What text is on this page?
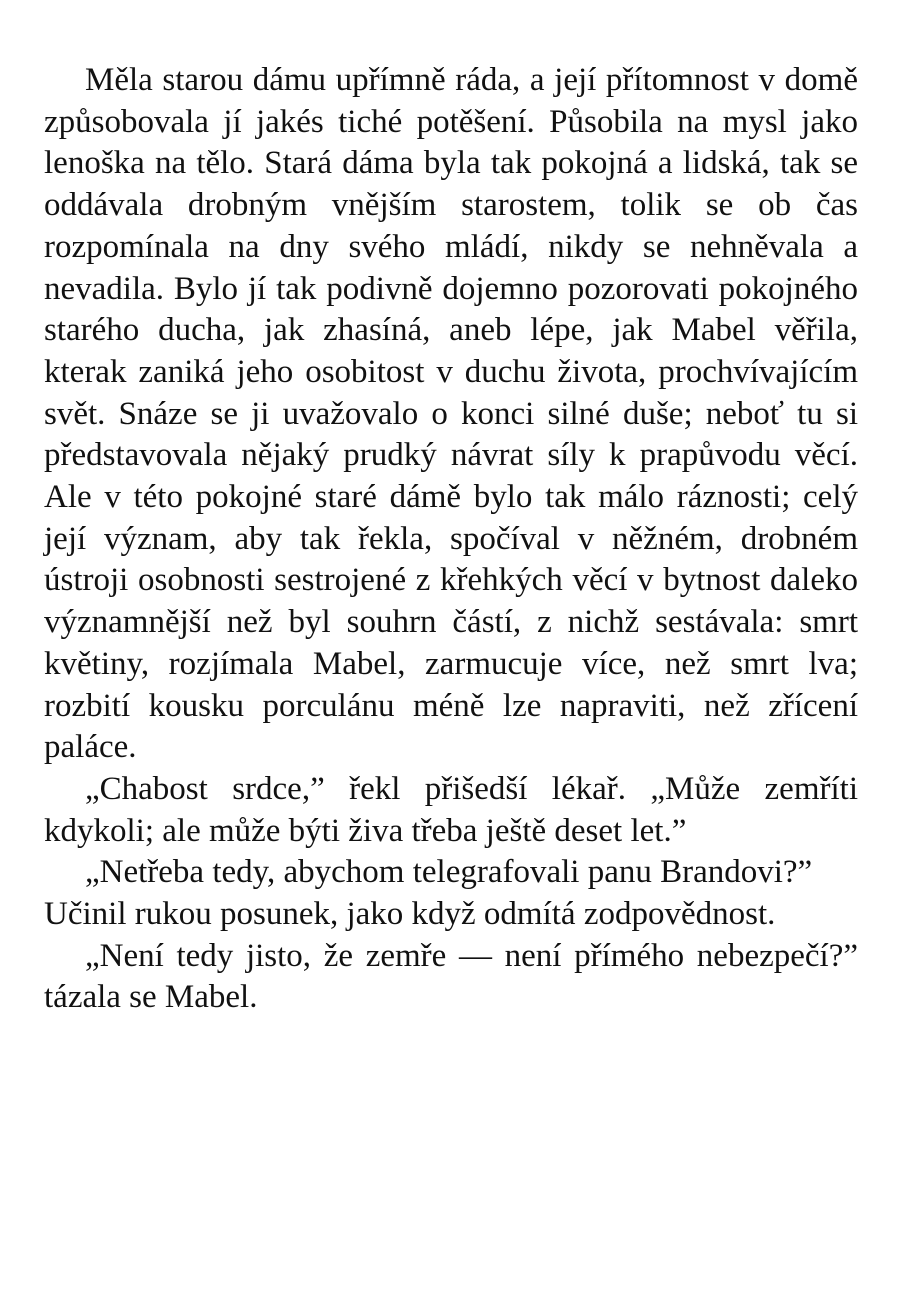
Měla starou dámu upřímně ráda, a její přítomnost v domě způsobovala jí jakés tiché potěšení. Působila na mysl jako lenoška na tělo. Stará dáma byla tak pokojná a lidská, tak se oddávala drobným vnějším starostem, tolik se ob čas rozpomínala na dny svého mládí, nikdy se nehněvala a nevadila. Bylo jí tak podivně dojemno pozorovati pokojného starého ducha, jak zhasíná, aneb lépe, jak Mabel věřila, kterak zaniká jeho osobitost v duchu života, prochvívajícím svět. Snáze se ji uvažovalo o konci silné duše; neboť tu si představovala nějaký prudký návrat síly k prapůvodu věcí. Ale v této pokojné staré dámě bylo tak málo ráznosti; celý její význam, aby tak řekla, spočíval v něžném, drobném ústroji osobnosti sestrojené z křehkých věcí v bytnost daleko významnější než byl souhrn částí, z nichž sestávala: smrt květiny, rozjímala Mabel, zarmucuje více, než smrt lva; rozbití kousku porculánu méně lze napraviti, než zřícení paláce.

„Chabost srdce,” řekl přišedší lékař. „Může zemříti kdykoli; ale může býti živa třeba ještě deset let.”

„Netřeba tedy, abychom telegrafovali panu Brandovi?”

Učinil rukou posunek, jako když odmítá zodpovědnost.

„Není tedy jisto, že zemře — není přímého nebezpečí?” tázala se Mabel.
